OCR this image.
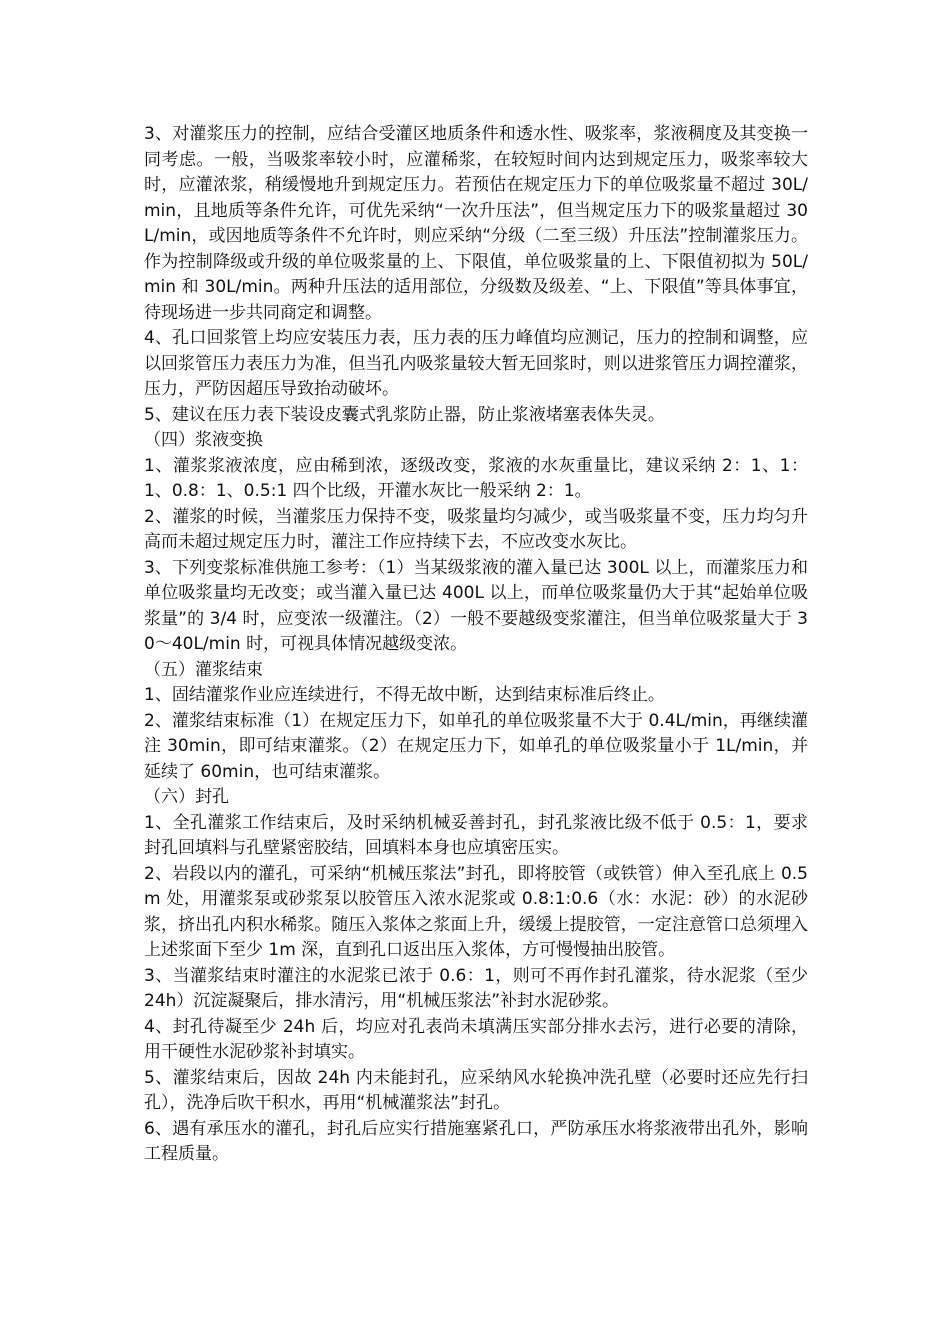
3、对灌浆压力的控制，应结合受灌区地质条件和透水性、吸浆率，浆液稠度及其变换一同考虑。一般，当吸浆率较小时，应灌稀浆，在较短时间内达到规定压力，吸浆率较大时，应灌浓浆，稍缓慢地升到规定压力。若预估在规定压力下的单位吸浆量不超过 30L/min，且地质等条件允许，可优先采纳“一次升压法”，但当规定压力下的吸浆量超过 30L/min，或因地质等条件不允许时，则应采纳“分级（二至三级）升压法”控制灌浆压力。作为控制降级或升级的单位吸浆量的上、下限值，单位吸浆量的上、下限值初拟为 50L/min 和 30L/min。两种升压法的适用部位，分级数及级差、“上、下限值”等具体事宜，待现场进一步共同商定和调整。

4、孔口回浆管上均应安装压力表，压力表的压力峰值均应测记，压力的控制和调整，应以回浆管压力表压力为准，但当孔内吸浆量较大暂无回浆时，则以进浆管压力调控灌浆，压力，严防因超压导致抬动破坏。

5、建议在压力表下装设皮囊式乳浆防止器，防止浆液堵塞表体失灵。

（四）浆液变换

1、灌浆浆液浓度，应由稀到浓，逐级改变，浆液的水灰重量比，建议采纳 2：1、1：1、0.8：1、0.5:1 四个比级，开灌水灰比一般采纳 2：1。

2、灌浆的时候，当灌浆压力保持不变，吸浆量均匀减少，或当吸浆量不变，压力均匀升高而未超过规定压力时，灌注工作应持续下去，不应改变水灰比。

3、下列变浆标准供施工参考：（1）当某级浆液的灌入量已达 300L 以上，而灌浆压力和单位吸浆量均无改变；或当灌入量已达 400L 以上，而单位吸浆量仍大于其“起始单位吸浆量”的 3/4 时，应变浓一级灌注。（2）一般不要越级变浆灌注，但当单位吸浆量大于 30～40L/min 时，可视具体情况越级变浓。

（五）灌浆结束

1、固结灌浆作业应连续进行，不得无故中断，达到结束标准后终止。

2、灌浆结束标准（1）在规定压力下，如单孔的单位吸浆量不大于 0.4L/min，再继续灌注 30min，即可结束灌浆。（2）在规定压力下，如单孔的单位吸浆量小于 1L/min，并延续了 60min，也可结束灌浆。

（六）封孔

1、全孔灌浆工作结束后，及时采纳机械妥善封孔，封孔浆液比级不低于 0.5：1，要求封孔回填料与孔壁紧密胶结，回填料本身也应填密压实。

2、岩段以内的灌孔，可采纳“机械压浆法”封孔，即将胶管（或铁管）伸入至孔底上 0.5m 处，用灌浆泵或砂浆泵以胶管压入浓水泥浆或 0.8:1:0.6（水：水泥：砂）的水泥砂浆，挤出孔内积水稀浆。随压入浆体之浆面上升，缓缓上提胶管，一定注意管口总须埋入上述浆面下至少 1m 深，直到孔口返出压入浆体，方可慢慢抽出胶管。

3、当灌浆结束时灌注的水泥浆已浓于 0.6：1，则可不再作封孔灌浆，待水泥浆（至少 24h）沉淀凝聚后，排水清污，用“机械压浆法”补封水泥砂浆。

4、封孔待凝至少 24h 后，均应对孔表尚未填满压实部分排水去污，进行必要的清除，用干硬性水泥砂浆补封填实。

5、灌浆结束后，因故 24h 内未能封孔，应采纳风水轮换冲洗孔壁（必要时还应先行扫孔），洗净后吹干积水，再用“机械灌浆法”封孔。

6、遇有承压水的灌孔，封孔后应实行措施塞紧孔口，严防承压水将浆液带出孔外，影响工程质量。
